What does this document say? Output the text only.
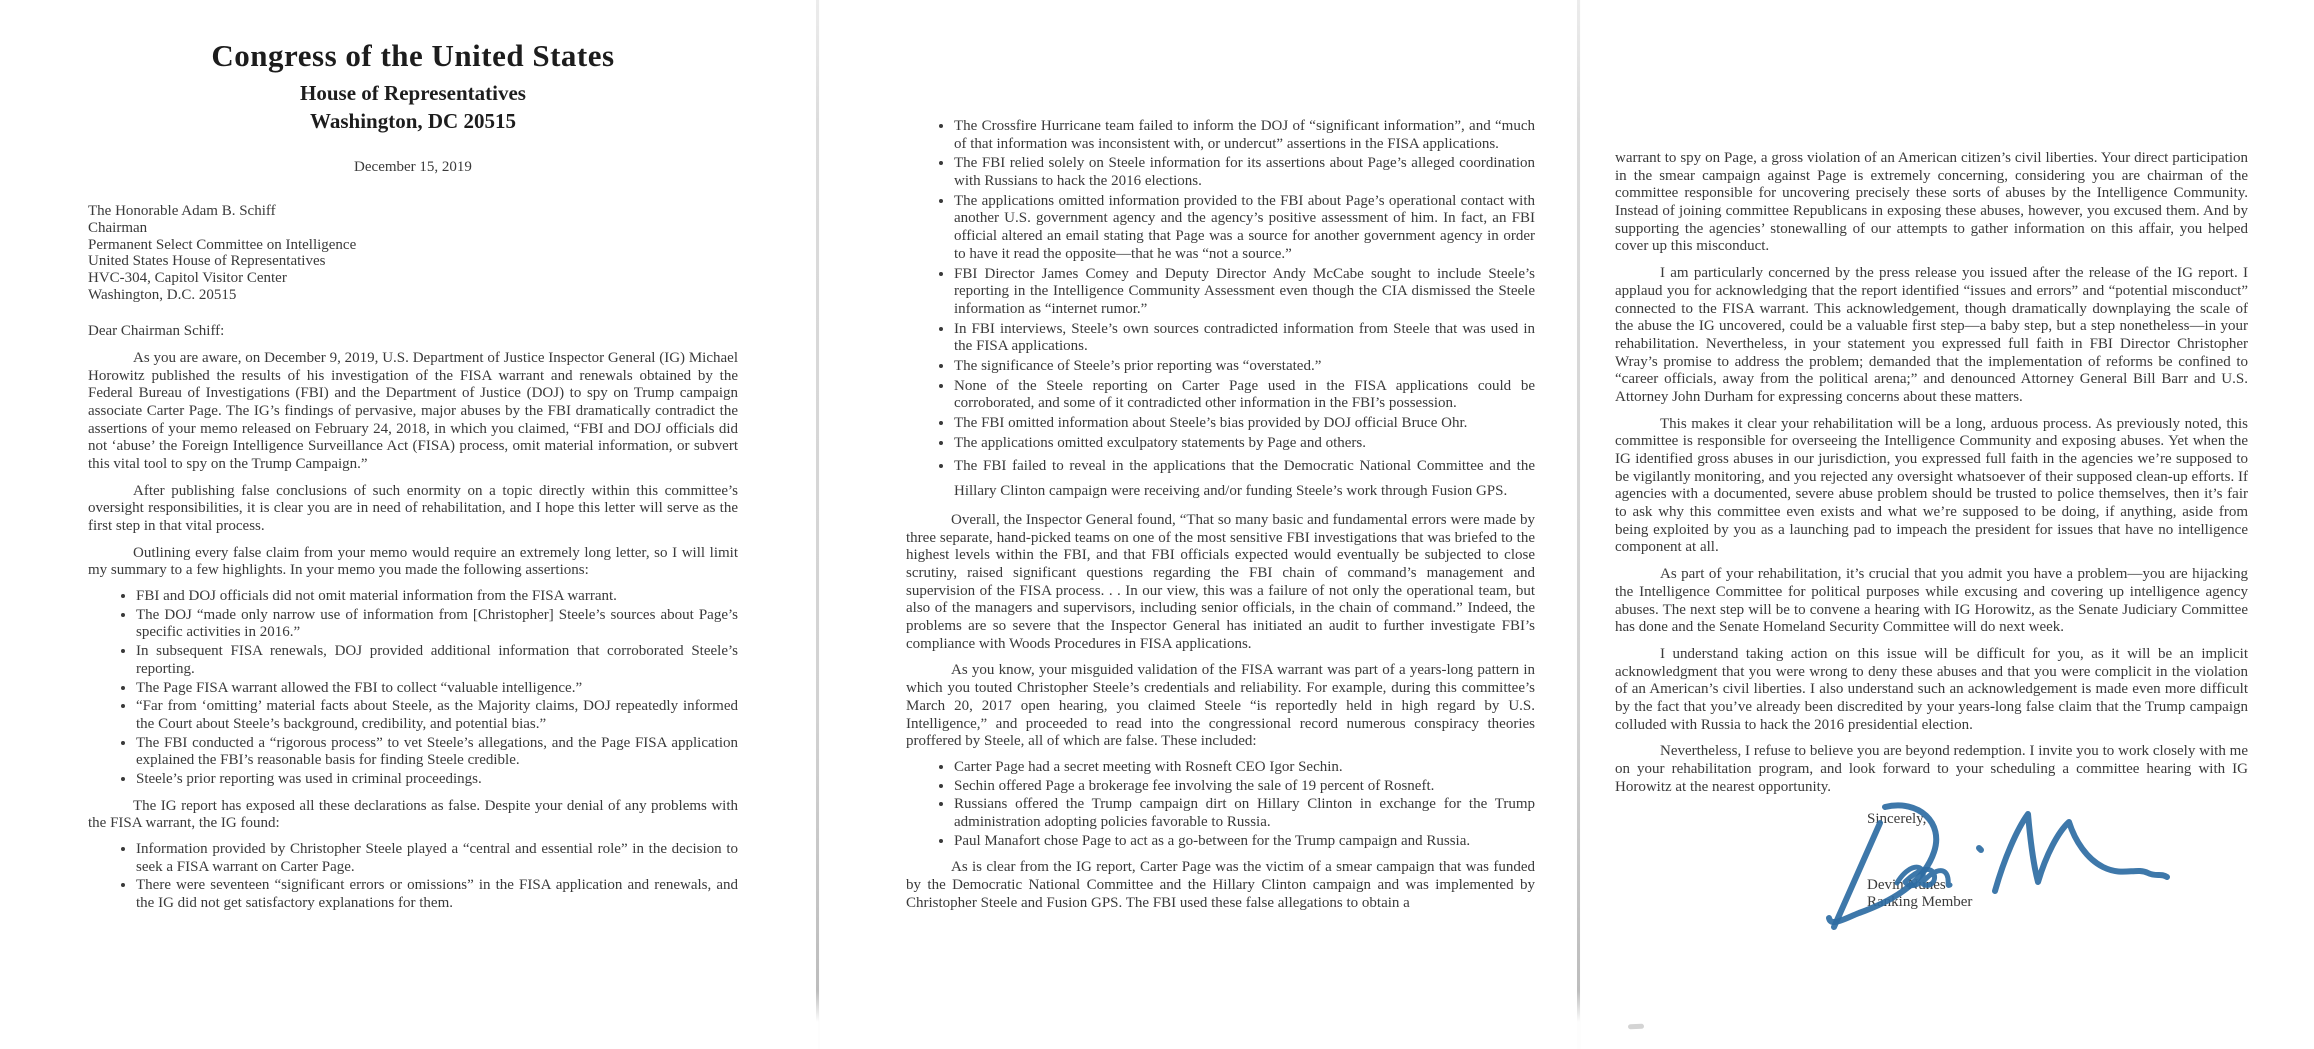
Congress of the United States
House of Representatives
Washington, DC 20515
December 15, 2019
The Honorable Adam B. Schiff
Chairman
Permanent Select Committee on Intelligence
United States House of Representatives
HVC-304, Capitol Visitor Center
Washington, D.C. 20515
Dear Chairman Schiff:

As you are aware, on December 9, 2019, U.S. Department of Justice Inspector General (IG) Michael Horowitz published the results of his investigation of the FISA warrant and renewals obtained by the Federal Bureau of Investigations (FBI) and the Department of Justice (DOJ) to spy on Trump campaign associate Carter Page. The IG’s findings of pervasive, major abuses by the FBI dramatically contradict the assertions of your memo released on February 24, 2018, in which you claimed, “FBI and DOJ officials did not ‘abuse’ the Foreign Intelligence Surveillance Act (FISA) process, omit material information, or subvert this vital tool to spy on the Trump Campaign.”

After publishing false conclusions of such enormity on a topic directly within this committee’s oversight responsibilities, it is clear you are in need of rehabilitation, and I hope this letter will serve as the first step in that vital process.

Outlining every false claim from your memo would require an extremely long letter, so I will limit my summary to a few highlights. In your memo you made the following assertions:

• FBI and DOJ officials did not omit material information from the FISA warrant.
• The DOJ “made only narrow use of information from [Christopher] Steele’s sources about Page’s specific activities in 2016.”
• In subsequent FISA renewals, DOJ provided additional information that corroborated Steele’s reporting.
• The Page FISA warrant allowed the FBI to collect “valuable intelligence.”
• “Far from ‘omitting’ material facts about Steele, as the Majority claims, DOJ repeatedly informed the Court about Steele’s background, credibility, and potential bias.”
• The FBI conducted a “rigorous process” to vet Steele’s allegations, and the Page FISA application explained the FBI’s reasonable basis for finding Steele credible.
• Steele’s prior reporting was used in criminal proceedings.

The IG report has exposed all these declarations as false. Despite your denial of any problems with the FISA warrant, the IG found:

• Information provided by Christopher Steele played a “central and essential role” in the decision to seek a FISA warrant on Carter Page.
• There were seventeen “significant errors or omissions” in the FISA application and renewals, and the IG did not get satisfactory explanations for them.
• The Crossfire Hurricane team failed to inform the DOJ of “significant information”, and “much of that information was inconsistent with, or undercut” assertions in the FISA applications.
• The FBI relied solely on Steele information for its assertions about Page’s alleged coordination with Russians to hack the 2016 elections.
• The applications omitted information provided to the FBI about Page’s operational contact with another U.S. government agency and the agency’s positive assessment of him. In fact, an FBI official altered an email stating that Page was a source for another government agency in order to have it read the opposite—that he was “not a source.”
• FBI Director James Comey and Deputy Director Andy McCabe sought to include Steele’s reporting in the Intelligence Community Assessment even though the CIA dismissed the Steele information as “internet rumor.”
• In FBI interviews, Steele’s own sources contradicted information from Steele that was used in the FISA applications.
• The significance of Steele’s prior reporting was “overstated.”
• None of the Steele reporting on Carter Page used in the FISA applications could be corroborated, and some of it contradicted other information in the FBI’s possession.
• The FBI omitted information about Steele’s bias provided by DOJ official Bruce Ohr.
• The applications omitted exculpatory statements by Page and others.
• The FBI failed to reveal in the applications that the Democratic National Committee and the Hillary Clinton campaign were receiving and/or funding Steele’s work through Fusion GPS.

Overall, the Inspector General found, “That so many basic and fundamental errors were made by three separate, hand-picked teams on one of the most sensitive FBI investigations that was briefed to the highest levels within the FBI, and that FBI officials expected would eventually be subjected to close scrutiny, raised significant questions regarding the FBI chain of command’s management and supervision of the FISA process. . . In our view, this was a failure of not only the operational team, but also of the managers and supervisors, including senior officials, in the chain of command.” Indeed, the problems are so severe that the Inspector General has initiated an audit to further investigate FBI’s compliance with Woods Procedures in FISA applications.

As you know, your misguided validation of the FISA warrant was part of a years-long pattern in which you touted Christopher Steele’s credentials and reliability. For example, during this committee’s March 20, 2017 open hearing, you claimed Steele “is reportedly held in high regard by U.S. Intelligence,” and proceeded to read into the congressional record numerous conspiracy theories proffered by Steele, all of which are false. These included:

• Carter Page had a secret meeting with Rosneft CEO Igor Sechin.
• Sechin offered Page a brokerage fee involving the sale of 19 percent of Rosneft.
• Russians offered the Trump campaign dirt on Hillary Clinton in exchange for the Trump administration adopting policies favorable to Russia.
• Paul Manafort chose Page to act as a go-between for the Trump campaign and Russia.

As is clear from the IG report, Carter Page was the victim of a smear campaign that was funded by the Democratic National Committee and the Hillary Clinton campaign and was implemented by Christopher Steele and Fusion GPS. The FBI used these false allegations to obtain a

warrant to spy on Page, a gross violation of an American citizen’s civil liberties. Your direct participation in the smear campaign against Page is extremely concerning, considering you are chairman of the committee responsible for uncovering precisely these sorts of abuses by the Intelligence Community. Instead of joining committee Republicans in exposing these abuses, however, you excused them. And by supporting the agencies’ stonewalling of our attempts to gather information on this affair, you helped cover up this misconduct.

I am particularly concerned by the press release you issued after the release of the IG report. I applaud you for acknowledging that the report identified “issues and errors” and “potential misconduct” connected to the FISA warrant. This acknowledgement, though dramatically downplaying the scale of the abuse the IG uncovered, could be a valuable first step—a baby step, but a step nonetheless—in your rehabilitation. Nevertheless, in your statement you expressed full faith in FBI Director Christopher Wray’s promise to address the problem; demanded that the implementation of reforms be confined to “career officials, away from the political arena;” and denounced Attorney General Bill Barr and U.S. Attorney John Durham for expressing concerns about these matters.

This makes it clear your rehabilitation will be a long, arduous process. As previously noted, this committee is responsible for overseeing the Intelligence Community and exposing abuses. Yet when the IG identified gross abuses in our jurisdiction, you expressed full faith in the agencies we’re supposed to be vigilantly monitoring, and you rejected any oversight whatsoever of their supposed clean-up efforts. If agencies with a documented, severe abuse problem should be trusted to police themselves, then it’s fair to ask why this committee even exists and what we’re supposed to be doing, if anything, aside from being exploited by you as a launching pad to impeach the president for issues that have no intelligence component at all.

As part of your rehabilitation, it’s crucial that you admit you have a problem—you are hijacking the Intelligence Committee for political purposes while excusing and covering up intelligence agency abuses. The next step will be to convene a hearing with IG Horowitz, as the Senate Judiciary Committee has done and the Senate Homeland Security Committee will do next week.

I understand taking action on this issue will be difficult for you, as it will be an implicit acknowledgment that you were wrong to deny these abuses and that you were complicit in the violation of an American’s civil liberties. I also understand such an acknowledgement is made even more difficult by the fact that you’ve already been discredited by your years-long false claim that the Trump campaign colluded with Russia to hack the 2016 presidential election.

Nevertheless, I refuse to believe you are beyond redemption. I invite you to work closely with me on your rehabilitation program, and look forward to your scheduling a committee hearing with IG Horowitz at the nearest opportunity.

Sincerely,
Devin Nunes
Ranking Member
